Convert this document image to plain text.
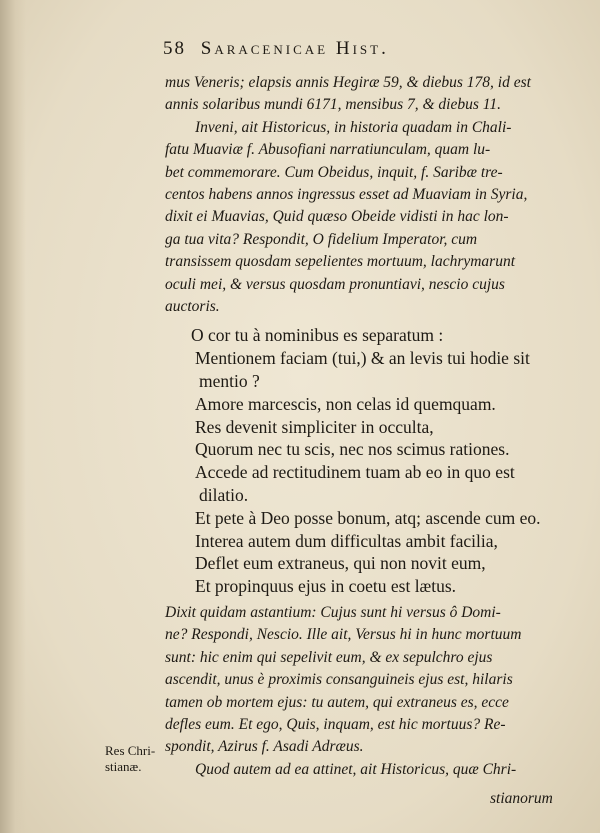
58 Saracenicae Hist.

mus Veneris; elapsis annis Hegiræ 59, & diebus 178, id est

annis solaribus mundi 6171, mensibus 7, & diebus 11.

Inveni, ait Historicus, in historia quadam in Chali-

fatu Muaviæ f. Abusofiani narratiunculam, quam lu-

bet commemorare. Cum Obeidus, inquit, f. Saribæ tre-

centos habens annos ingressus esset ad Muaviam in Syria,

dixit ei Muavias, Quid quæso Obeide vidisti in hac lon-

ga tua vita? Respondit, O fidelium Imperator, cum

transissem quosdam sepelientes mortuum, lachrymarunt

oculi mei, & versus quosdam pronuntiavi, nescio cujus

auctoris.

O cor tu à nominibus es separatum :
Mentionem faciam (tui,) & an levis tui hodie sit
mentio ?
Amore marcescis, non celas id quemquam.
Res devenit simpliciter in occulta,
Quorum nec tu scis, nec nos scimus rationes.
Accede ad rectitudinem tuam ab eo in quo est
dilatio.
Et pete à Deo posse bonum, atq; ascende cum eo.
Interea autem dum difficultas ambit facilia,
Deflet eum extraneus, qui non novit eum,
Et propinquus ejus in coetu est lætus.

Dixit quidam astantium: Cujus sunt hi versus ô Domi-

ne? Respondi, Nescio. Ille ait, Versus hi in hunc mortuum

sunt: hic enim qui sepelivit eum, & ex sepulchro ejus

ascendit, unus è proximis consanguineis ejus est, hilaris

tamen ob mortem ejus: tu autem, qui extraneus es, ecce

defles eum. Et ego, Quis, inquam, est hic mortuus? Re-

spondit, Azirus f. Asadi Adræus.

Quod autem ad ea attinet, ait Historicus, quæ Chri-

Res Chri-
stianæ.
stianorum
